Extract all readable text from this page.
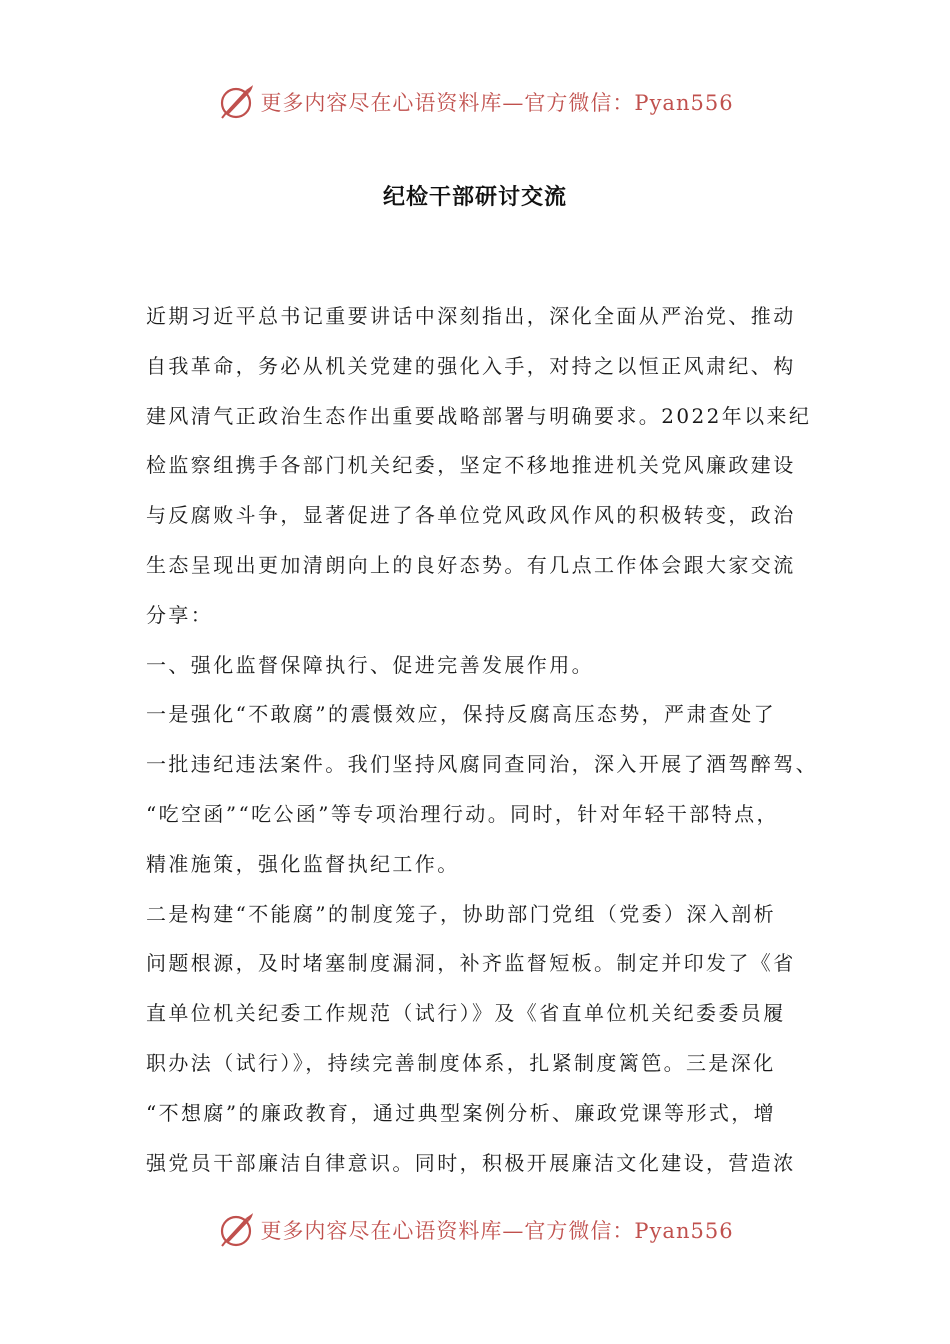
更多内容尽在心语资料库—官方微信：Pyan556
纪检干部研讨交流
近期习近平总书记重要讲话中深刻指出，深化全面从严治党、推动
自我革命，务必从机关党建的强化入手，对持之以恒正风肃纪、构
建风清气正政治生态作出重要战略部署与明确要求。2022年以来纪
检监察组携手各部门机关纪委，坚定不移地推进机关党风廉政建设
与反腐败斗争，显著促进了各单位党风政风作风的积极转变，政治
生态呈现出更加清朗向上的良好态势。有几点工作体会跟大家交流
分享：
一、强化监督保障执行、促进完善发展作用。
一是强化“不敢腐”的震慑效应，保持反腐高压态势，严肃查处了
一批违纪违法案件。我们坚持风腐同查同治，深入开展了酒驾醉驾、
“吃空函”“吃公函”等专项治理行动。同时，针对年轻干部特点，
精准施策，强化监督执纪工作。
二是构建“不能腐”的制度笼子，协助部门党组（党委）深入剖析
问题根源，及时堵塞制度漏洞，补齐监督短板。制定并印发了《省
直单位机关纪委工作规范（试行）》及《省直单位机关纪委委员履
职办法（试行）》，持续完善制度体系，扎紧制度篱笆。三是深化
“不想腐”的廉政教育，通过典型案例分析、廉政党课等形式，增
强党员干部廉洁自律意识。同时，积极开展廉洁文化建设，营造浓
更多内容尽在心语资料库—官方微信：Pyan556
